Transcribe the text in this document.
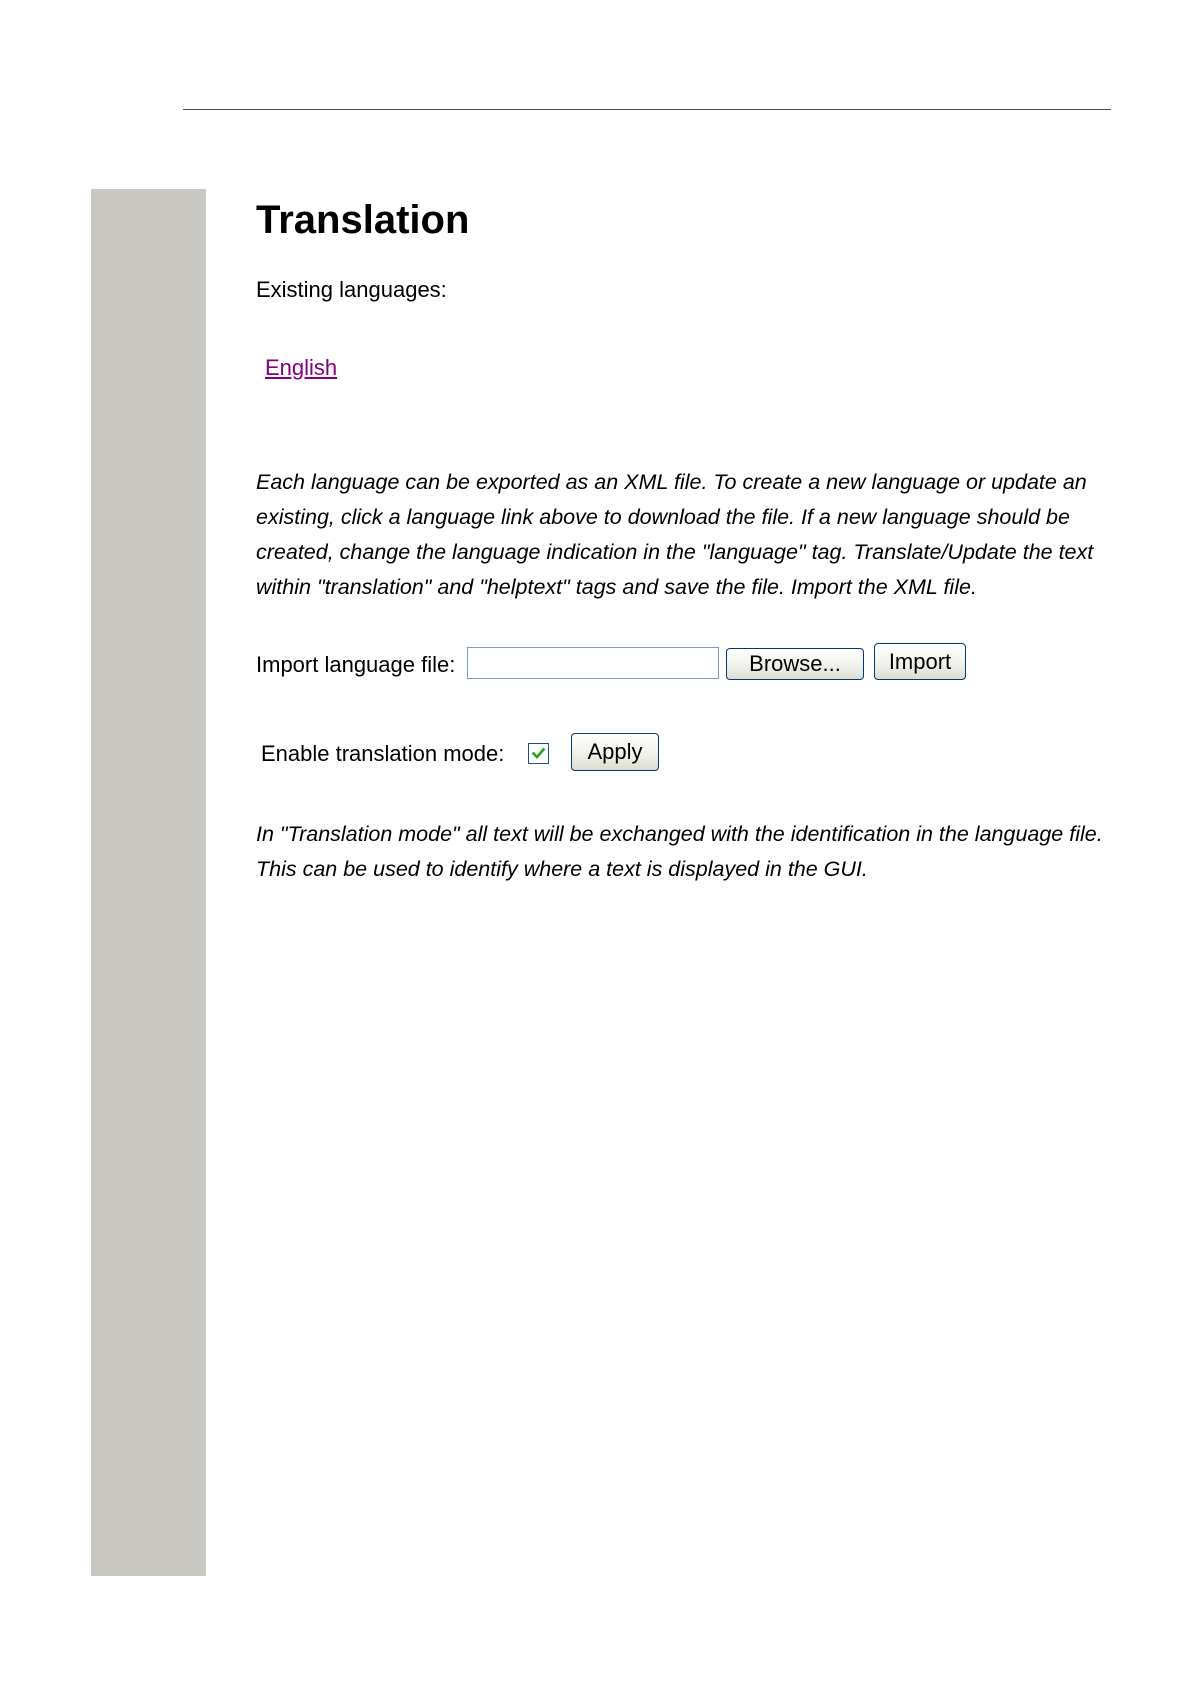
Translation
Existing languages:
English

Each language can be exported as an XML file. To create a new language or update an existing, click a language link above to download the file. If a new language should be created, change the language indication in the "language" tag. Translate/Update the text within "translation" and "helptext" tags and save the file. Import the XML file.

Import language file:	Browse...	Import
Enable translation mode:	Apply

In "Translation mode" all text will be exchanged with the identification in the language file. This can be used to identify where a text is displayed in the GUI.
